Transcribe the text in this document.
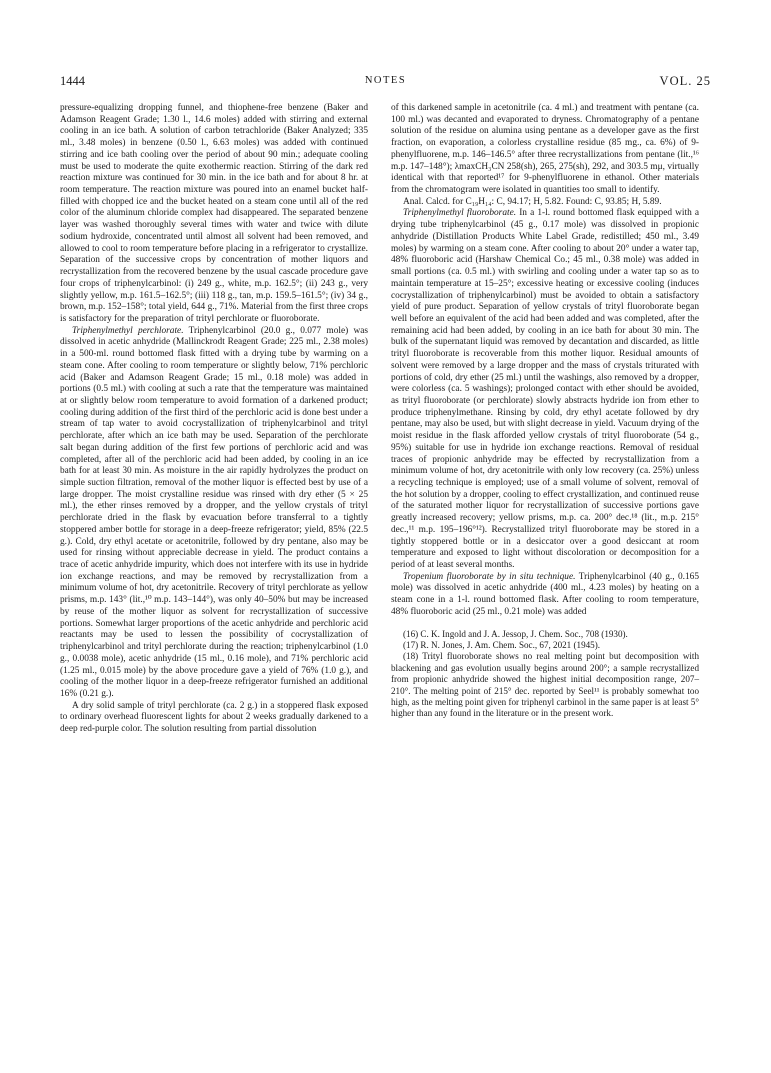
1444	NOTES	VOL. 25

pressure-equalizing dropping funnel, and thiophene-free benzene (Baker and Adamson Reagent Grade; 1.30 l., 14.6 moles) added with stirring and external cooling in an ice bath. A solution of carbon tetrachloride (Baker Analyzed; 335 ml., 3.48 moles) in benzene (0.50 l., 6.63 moles) was added with continued stirring and ice bath cooling over the period of about 90 min.; adequate cooling must be used to moderate the quite exothermic reaction. Stirring of the dark red reaction mixture was continued for 30 min. in the ice bath and for about 8 hr. at room temperature. The reaction mixture was poured into an enamel bucket half-filled with chopped ice and the bucket heated on a steam cone until all of the red color of the aluminum chloride complex had disappeared. The separated benzene layer was washed thoroughly several times with water and twice with dilute sodium hydroxide, concentrated until almost all solvent had been removed, and allowed to cool to room temperature before placing in a refrigerator to crystallize. Separation of the successive crops by concentration of mother liquors and recrystallization from the recovered benzene by the usual cascade procedure gave four crops of triphenylcarbinol: (i) 249 g., white, m.p. 162.5°; (ii) 243 g., very slightly yellow, m.p. 161.5–162.5°; (iii) 118 g., tan, m.p. 159.5–161.5°; (iv) 34 g., brown, m.p. 152–158°; total yield, 644 g., 71%. Material from the first three crops is satisfactory for the preparation of trityl perchlorate or fluoroborate.

Triphenylmethyl perchlorate. Triphenylcarbinol (20.0 g., 0.077 mole) was dissolved in acetic anhydride (Mallinckrodt Reagent Grade; 225 ml., 2.38 moles) in a 500-ml. round bottomed flask fitted with a drying tube by warming on a steam cone. After cooling to room temperature or slightly below, 71% perchloric acid (Baker and Adamson Reagent Grade; 15 ml., 0.18 mole) was added in portions (0.5 ml.) with cooling at such a rate that the temperature was maintained at or slightly below room temperature to avoid formation of a darkened product; cooling during addition of the first third of the perchloric acid is done best under a stream of tap water to avoid cocrystallization of triphenylcarbinol and trityl perchlorate, after which an ice bath may be used. Separation of the perchlorate salt began during addition of the first few portions of perchloric acid and was completed, after all of the perchloric acid had been added, by cooling in an ice bath for at least 30 min. As moisture in the air rapidly hydrolyzes the product on simple suction filtration, removal of the mother liquor is effected best by use of a large dropper. The moist crystalline residue was rinsed with dry ether (5 × 25 ml.), the ether rinses removed by a dropper, and the yellow crystals of trityl perchlorate dried in the flask by evacuation before transferral to a tightly stoppered amber bottle for storage in a deep-freeze refrigerator; yield, 85% (22.5 g.). Cold, dry ethyl acetate or acetonitrile, followed by dry pentane, also may be used for rinsing without appreciable decrease in yield. The product contains a trace of acetic anhydride impurity, which does not interfere with its use in hydride ion exchange reactions, and may be removed by recrystallization from a minimum volume of hot, dry acetonitrile. Recovery of trityl perchlorate as yellow prisms, m.p. 143° (lit.,¹⁰ m.p. 143–144°), was only 40–50% but may be increased by reuse of the mother liquor as solvent for recrystallization of successive portions. Somewhat larger proportions of the acetic anhydride and perchloric acid reactants may be used to lessen the possibility of cocrystallization of triphenylcarbinol and trityl perchlorate during the reaction; triphenylcarbinol (1.0 g., 0.0038 mole), acetic anhydride (15 ml., 0.16 mole), and 71% perchloric acid (1.25 ml., 0.015 mole) by the above procedure gave a yield of 76% (1.0 g.), and cooling of the mother liquor in a deep-freeze refrigerator furnished an additional 16% (0.21 g.).

A dry solid sample of trityl perchlorate (ca. 2 g.) in a stoppered flask exposed to ordinary overhead fluorescent lights for about 2 weeks gradually darkened to a deep red-purple color. The solution resulting from partial dissolution

of this darkened sample in acetonitrile (ca. 4 ml.) and treatment with pentane (ca. 100 ml.) was decanted and evaporated to dryness. Chromatography of a pentane solution of the residue on alumina using pentane as a developer gave as the first fraction, on evaporation, a colorless crystalline residue (85 mg., ca. 6%) of 9-phenylfluorene, m.p. 146–146.5° after three recrystallizations from pentane (lit.,¹⁶ m.p. 147–148°); λmaxCH₃CN 258(sh), 265, 275(sh), 292, and 303.5 mμ, virtually identical with that reported¹⁷ for 9-phenylfluorene in ethanol. Other materials from the chromatogram were isolated in quantities too small to identify.

Anal. Calcd. for C₁₉H₁₄: C, 94.17; H, 5.82. Found: C, 93.85; H, 5.89.

Triphenylmethyl fluoroborate. In a 1-l. round bottomed flask equipped with a drying tube triphenylcarbinol (45 g., 0.17 mole) was dissolved in propionic anhydride (Distillation Products White Label Grade, redistilled; 450 ml., 3.49 moles) by warming on a steam cone. After cooling to about 20° under a water tap, 48% fluoroboric acid (Harshaw Chemical Co.; 45 ml., 0.38 mole) was added in small portions (ca. 0.5 ml.) with swirling and cooling under a water tap so as to maintain temperature at 15–25°; excessive heating or excessive cooling (induces cocrystallization of triphenylcarbinol) must be avoided to obtain a satisfactory yield of pure product. Separation of yellow crystals of trityl fluoroborate began well before an equivalent of the acid had been added and was completed, after the remaining acid had been added, by cooling in an ice bath for about 30 min. The bulk of the supernatant liquid was removed by decantation and discarded, as little trityl fluoroborate is recoverable from this mother liquor. Residual amounts of solvent were removed by a large dropper and the mass of crystals triturated with portions of cold, dry ether (25 ml.) until the washings, also removed by a dropper, were colorless (ca. 5 washings); prolonged contact with ether should be avoided, as trityl fluoroborate (or perchlorate) slowly abstracts hydride ion from ether to produce triphenylmethane. Rinsing by cold, dry ethyl acetate followed by dry pentane, may also be used, but with slight decrease in yield. Vacuum drying of the moist residue in the flask afforded yellow crystals of trityl fluoroborate (54 g., 95%) suitable for use in hydride ion exchange reactions. Removal of residual traces of propionic anhydride may be effected by recrystallization from a minimum volume of hot, dry acetonitrile with only low recovery (ca. 25%) unless a recycling technique is employed; use of a small volume of solvent, removal of the hot solution by a dropper, cooling to effect crystallization, and continued reuse of the saturated mother liquor for recrystallization of successive portions gave greatly increased recovery; yellow prisms, m.p. ca. 200° dec.¹⁸ (lit., m.p. 215° dec.,¹¹ m.p. 195–196°¹²). Recrystallized trityl fluoroborate may be stored in a tightly stoppered bottle or in a desiccator over a good desiccant at room temperature and exposed to light without discoloration or decomposition for a period of at least several months.

Tropenium fluoroborate by in situ technique. Triphenylcarbinol (40 g., 0.165 mole) was dissolved in acetic anhydride (400 ml., 4.23 moles) by heating on a steam cone in a 1-l. round bottomed flask. After cooling to room temperature, 48% fluoroboric acid (25 ml., 0.21 mole) was added

(16) C. K. Ingold and J. A. Jessop, J. Chem. Soc., 708 (1930).

(17) R. N. Jones, J. Am. Chem. Soc., 67, 2021 (1945).

(18) Trityl fluoroborate shows no real melting point but decomposition with blackening and gas evolution usually begins around 200°; a sample recrystallized from propionic anhydride showed the highest initial decomposition range, 207–210°. The melting point of 215° dec. reported by Seel¹¹ is probably somewhat too high, as the melting point given for triphenyl carbinol in the same paper is at least 5° higher than any found in the literature or in the present work.
